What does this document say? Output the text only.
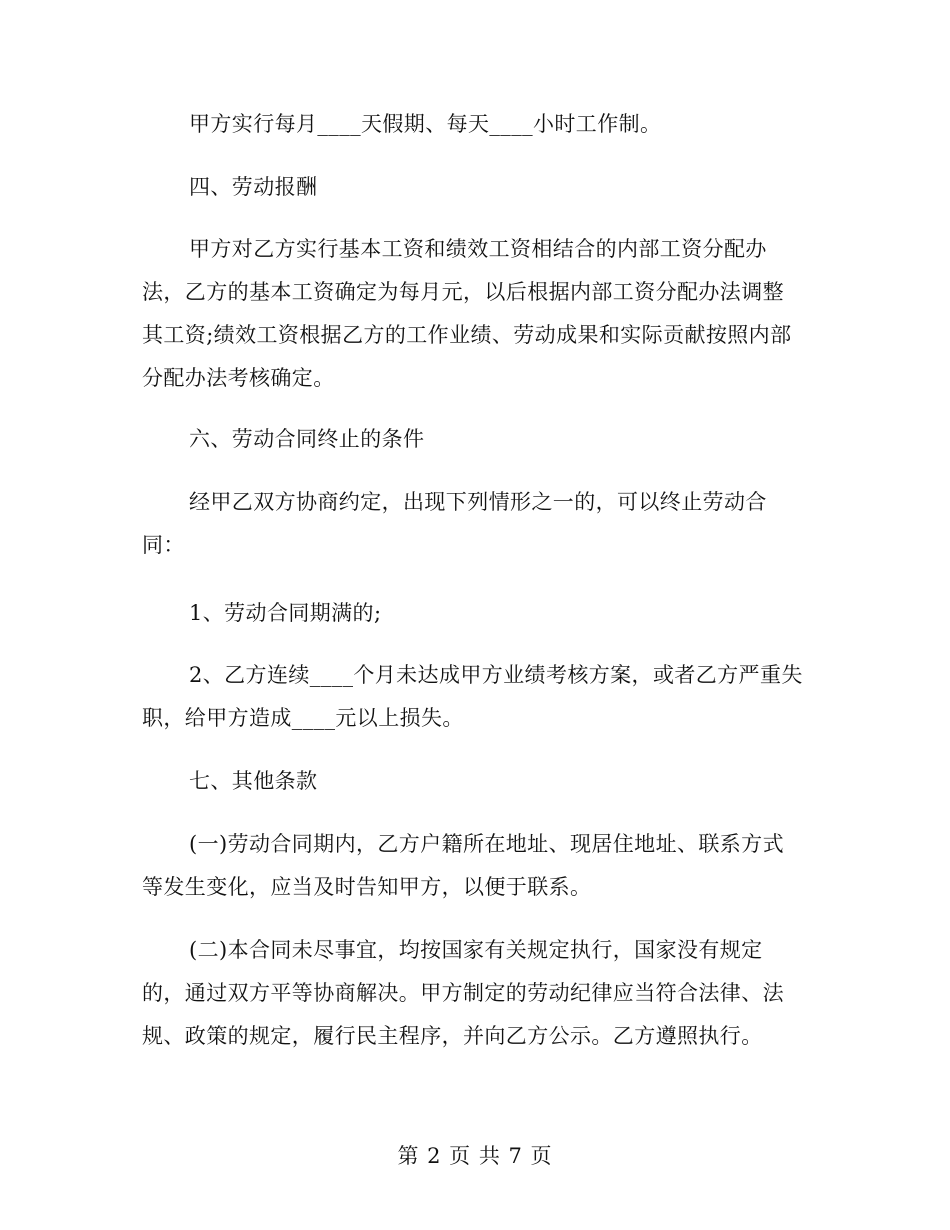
甲方实行每月____天假期、每天____小时工作制。

四、劳动报酬

甲方对乙方实行基本工资和绩效工资相结合的内部工资分配办
法，乙方的基本工资确定为每月元，以后根据内部工资分配办法调整
其工资;绩效工资根据乙方的工作业绩、劳动成果和实际贡献按照内部
分配办法考核确定。

六、劳动合同终止的条件

经甲乙双方协商约定，出现下列情形之一的，可以终止劳动合
同：

1、劳动合同期满的;

2、乙方连续____个月未达成甲方业绩考核方案，或者乙方严重失
职，给甲方造成____元以上损失。

七、其他条款

(一)劳动合同期内，乙方户籍所在地址、现居住地址、联系方式
等发生变化，应当及时告知甲方，以便于联系。

(二)本合同未尽事宜，均按国家有关规定执行，国家没有规定
的，通过双方平等协商解决。甲方制定的劳动纪律应当符合法律、法
规、政策的规定，履行民主程序，并向乙方公示。乙方遵照执行。

第 2 页 共 7 页
